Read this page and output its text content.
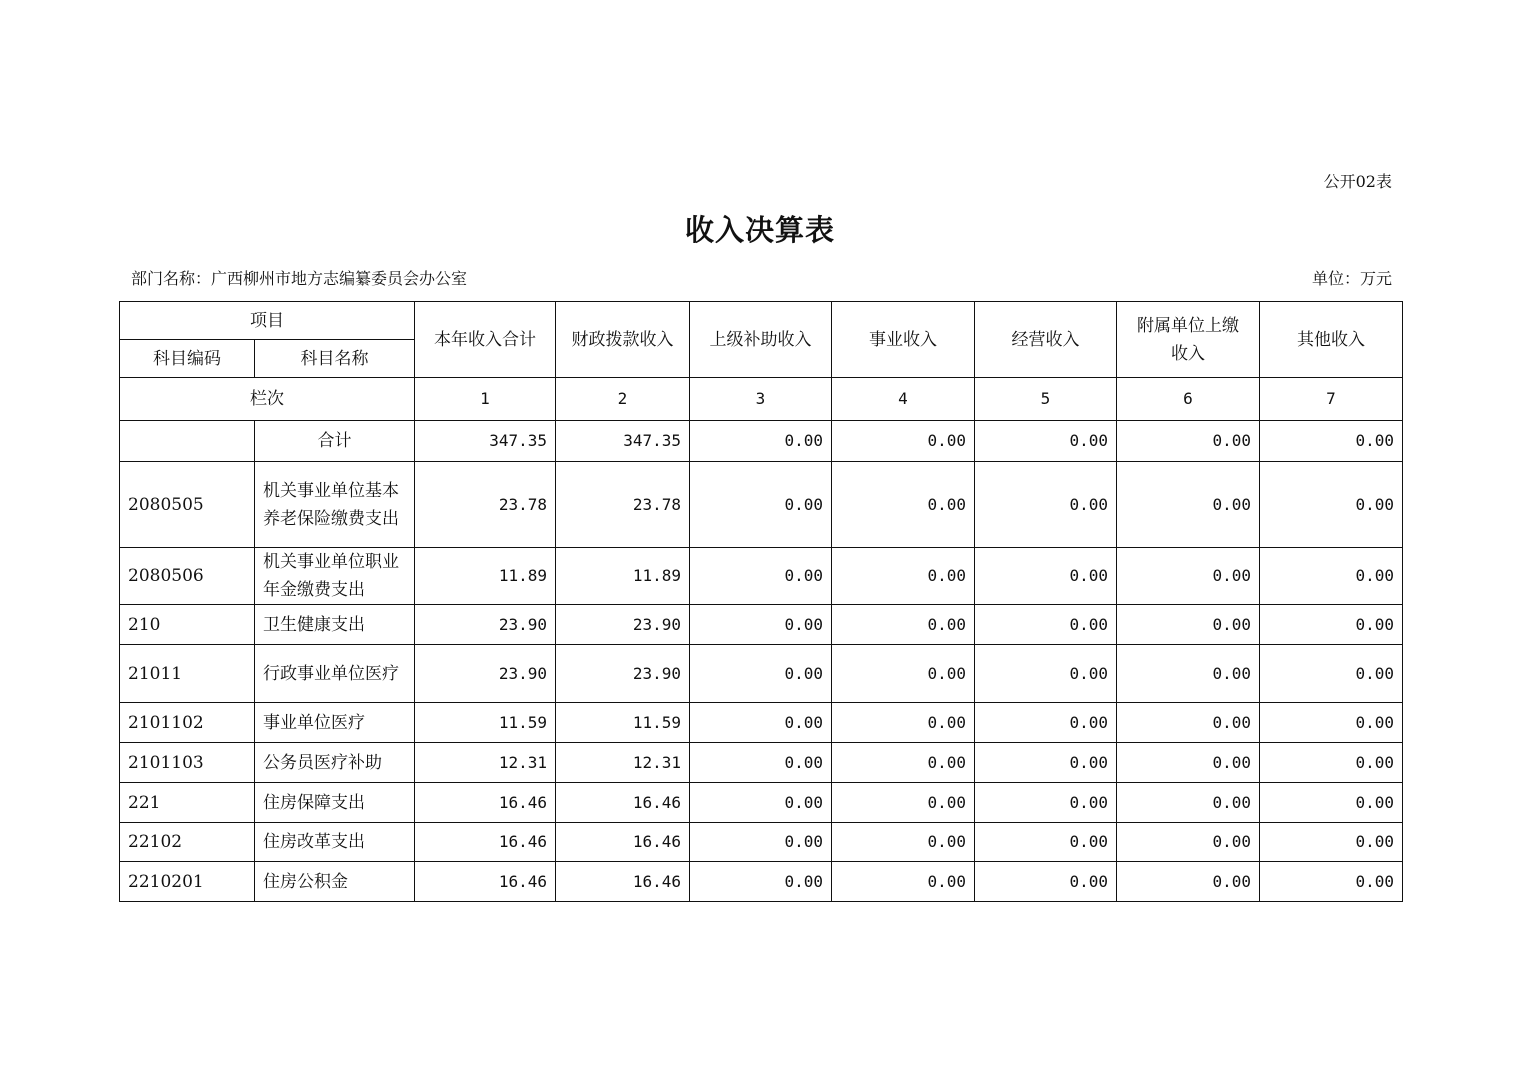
公开02表
收入决算表
部门名称：广西柳州市地方志编纂委员会办公室	单位：万元
项目		本年收入合计	财政拨款收入	上级补助收入	事业收入	经营收入	附属单位上缴收入	其他收入
科目编码	科目名称							
栏次		1	2	3	4	5	6	7
	合计	347.35	347.35	0.00	0.00	0.00	0.00	0.00
2080505	机关事业单位基本养老保险缴费支出	23.78	23.78	0.00	0.00	0.00	0.00	0.00
2080506	机关事业单位职业年金缴费支出	11.89	11.89	0.00	0.00	0.00	0.00	0.00
210	卫生健康支出	23.90	23.90	0.00	0.00	0.00	0.00	0.00
21011	行政事业单位医疗	23.90	23.90	0.00	0.00	0.00	0.00	0.00
2101102	事业单位医疗	11.59	11.59	0.00	0.00	0.00	0.00	0.00
2101103	公务员医疗补助	12.31	12.31	0.00	0.00	0.00	0.00	0.00
221	住房保障支出	16.46	16.46	0.00	0.00	0.00	0.00	0.00
22102	住房改革支出	16.46	16.46	0.00	0.00	0.00	0.00	0.00
2210201	住房公积金	16.46	16.46	0.00	0.00	0.00	0.00	0.00
